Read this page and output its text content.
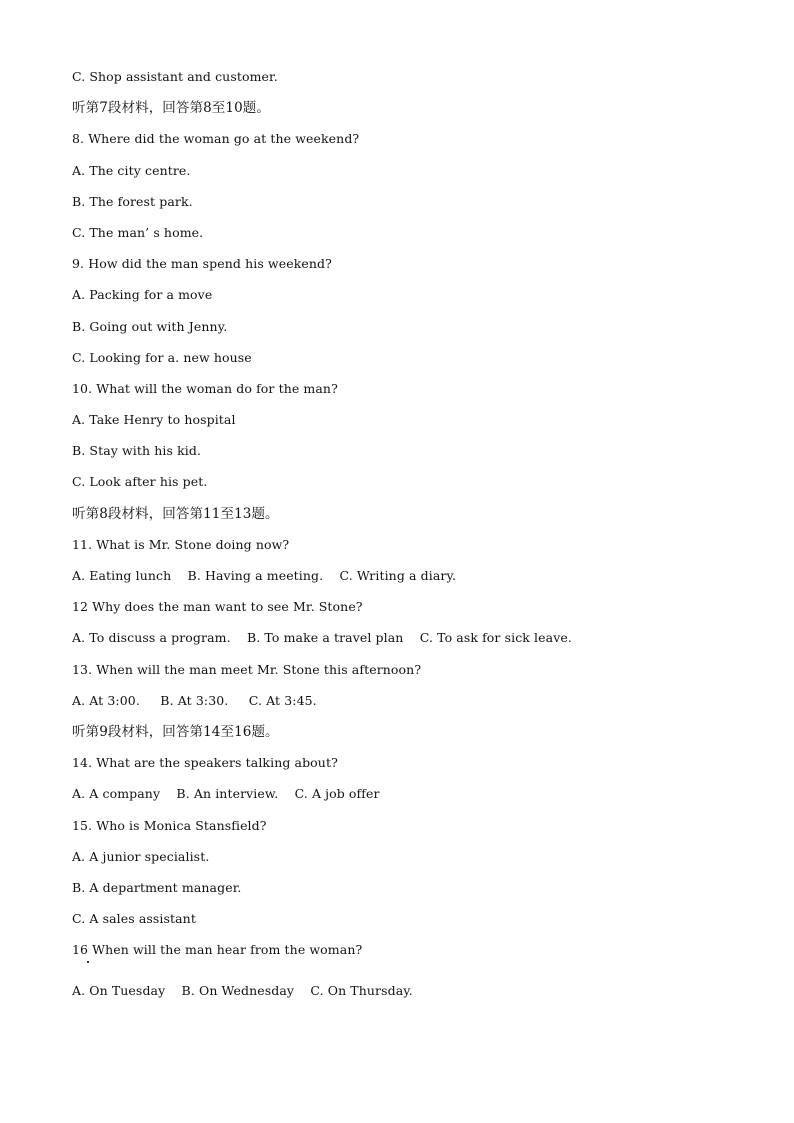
C. Shop assistant and customer.
听第7段材料，回答第8至10题。
8. Where did the woman go at the weekend?
A. The city centre.
B. The forest park.
C. The man’ s home.
9. How did the man spend his weekend?
A. Packing for a move
B. Going out with Jenny.
C. Looking for a. new house
10. What will the woman do for the man?
A. Take Henry to hospital
B. Stay with his kid.
C. Look after his pet.
听第8段材料，回答第11至13题。
11. What is Mr. Stone doing now?
A. Eating lunch    B. Having a meeting.    C. Writing a diary.
12 Why does the man want to see Mr. Stone?
A. To discuss a program.    B. To make a travel plan    C. To ask for sick leave.
13. When will the man meet Mr. Stone this afternoon?
A. At 3:00.     B. At 3:30.     C. At 3:45.
听第9段材料，回答第14至16题。
14. What are the speakers talking about?
A. A company    B. An interview.    C. A job offer
15. Who is Monica Stansfield?
A. A junior specialist.
B. A department manager.
C. A sales assistant
16 When will the man hear from the woman?
A. On Tuesday    B. On Wednesday    C. On Thursday.
